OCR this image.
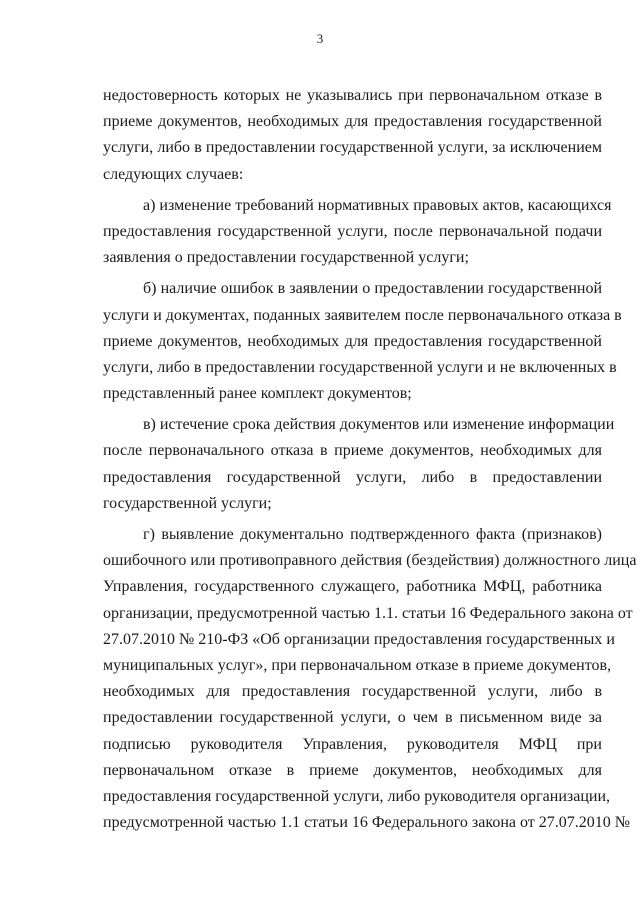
3
недостоверность которых не указывались при первоначальном отказе в
приеме документов, необходимых для предоставления государственной
услуги, либо в предоставлении государственной услуги, за исключением
следующих случаев:
а) изменение требований нормативных правовых актов, касающихся
предоставления государственной услуги, после первоначальной подачи
заявления о предоставлении государственной услуги;
б) наличие ошибок в заявлении о предоставлении государственной
услуги и документах, поданных заявителем после первоначального отказа в
приеме документов, необходимых для предоставления государственной
услуги, либо в предоставлении государственной услуги и не включенных в
представленный ранее комплект документов;
в) истечение срока действия документов или изменение информации
после первоначального отказа в приеме документов, необходимых для
предоставления государственной услуги, либо в предоставлении
государственной услуги;
г) выявление документально подтвержденного факта (признаков)
ошибочного или противоправного действия (бездействия) должностного лица
Управления, государственного служащего, работника МФЦ, работника
организации, предусмотренной частью 1.1. статьи 16 Федерального закона от
27.07.2010 № 210-ФЗ «Об организации предоставления государственных и
муниципальных услуг», при первоначальном отказе в приеме документов,
необходимых для предоставления государственной услуги, либо в
предоставлении государственной услуги, о чем в письменном виде за
подписью руководителя Управления, руководителя МФЦ при
первоначальном отказе в приеме документов, необходимых для
предоставления государственной услуги, либо руководителя организации,
предусмотренной частью 1.1 статьи 16 Федерального закона от 27.07.2010 №
